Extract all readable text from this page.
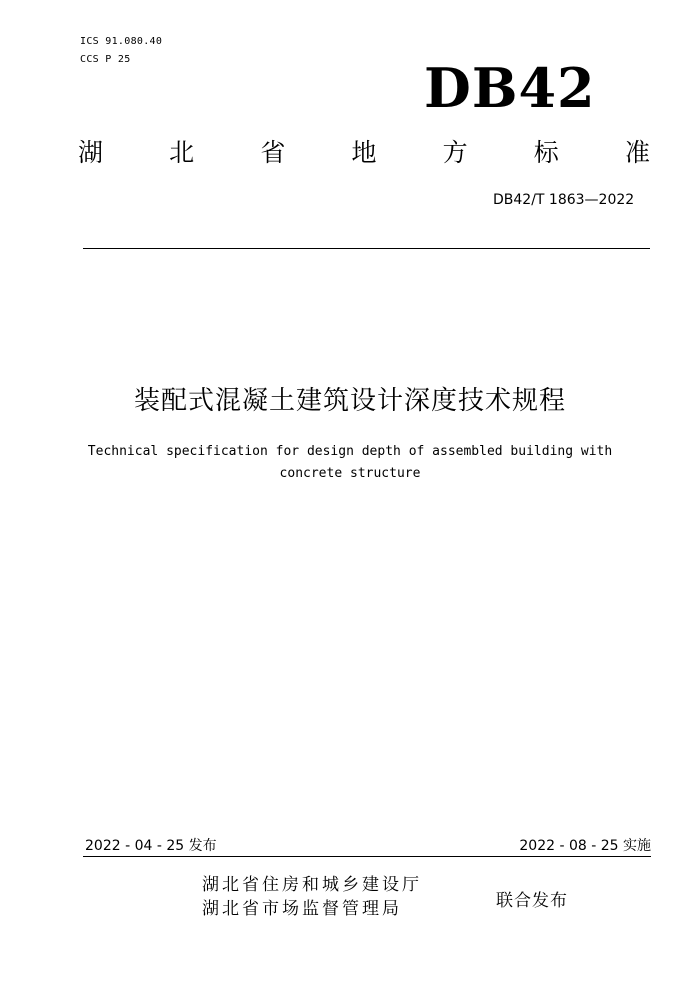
ICS 91.080.40
CCS P 25	DB42
湖	北	省	地	方	标	准
DB42/T 1863—2022
装配式混凝土建筑设计深度技术规程
Technical specification for design depth of assembled building with
concrete structure
2022 - 04 - 25 发布	2022 - 08 - 25 实施
湖北省住房和城乡建设厅
湖北省市场监督管理局	联合发布
